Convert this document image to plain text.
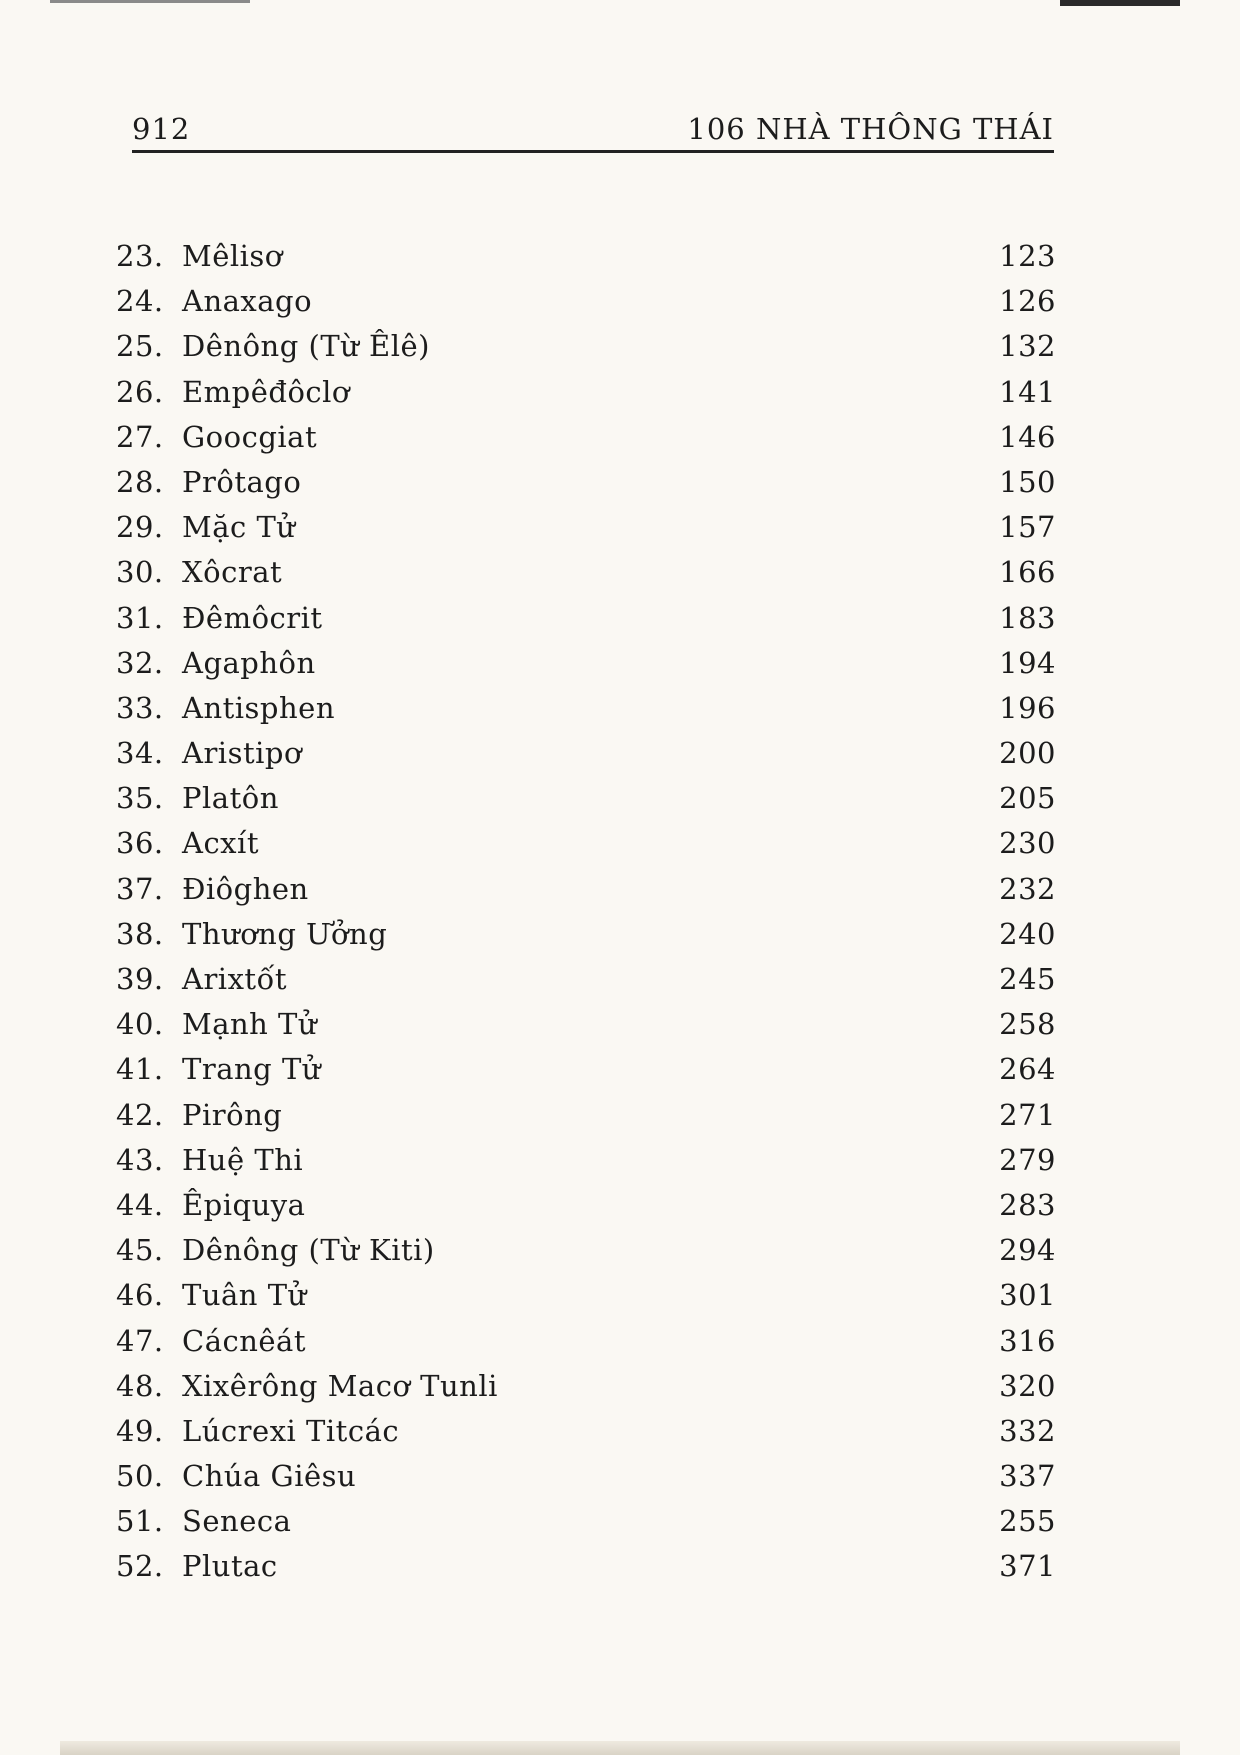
912	106 NHÀ THÔNG THÁI
23. Mêlisơ	123
24. Anaxago	126
25. Dênông (Từ Êlê)	132
26. Empêđôclơ	141
27. Goocgiat	146
28. Prôtago	150
29. Mặc Tử	157
30. Xôcrat	166
31. Đêmôcrit	183
32. Agaphôn	194
33. Antisphen	196
34. Aristipơ	200
35. Platôn	205
36. Acxít	230
37. Điôghen	232
38. Thương Ưởng	240
39. Arixtốt	245
40. Mạnh Tử	258
41. Trang Tử	264
42. Pirông	271
43. Huệ Thi	279
44. Êpiquya	283
45. Dênông (Từ Kiti)	294
46. Tuân Tử	301
47. Cácnêát	316
48. Xixêrông Macơ Tunli	320
49. Lúcrexi Titcác	332
50. Chúa Giêsu	337
51. Seneca	255
52. Plutac	371
